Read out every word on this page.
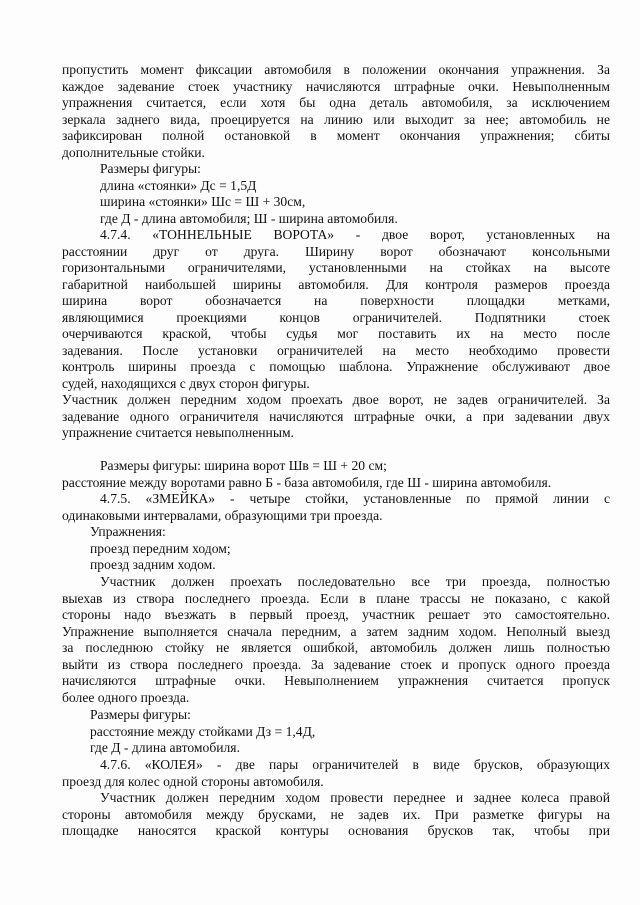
пропустить момент фиксации автомобиля в положении окончания упражнения. За
каждое задевание стоек участнику начисляются штрафные очки. Невыполненным
упражнения считается, если хотя бы одна деталь автомобиля, за исключением
зеркала заднего вида, проецируется на линию или выходит за нее; автомобиль не
зафиксирован полной остановкой в момент окончания упражнения; сбиты
дополнительные стойки.
Размеры фигуры:
длина «стоянки» Дс = 1,5Д
ширина «стоянки» Шс = Ш + 30см,
где Д - длина автомобиля; Ш - ширина автомобиля.
4.7.4. «ТОННЕЛЬНЫЕ ВОРОТА» - двое ворот, установленных на
расстоянии друг от друга. Ширину ворот обозначают консольными
горизонтальными ограничителями, установленными на стойках на высоте
габаритной наибольшей ширины автомобиля. Для контроля размеров проезда
ширина ворот обозначается на поверхности площадки метками,
являющимися проекциями концов ограничителей. Подпятники стоек
очерчиваются краской, чтобы судья мог поставить их на место после
задевания. После установки ограничителей на место необходимо провести
контроль ширины проезда с помощью шаблона. Упражнение обслуживают двое
судей, находящихся с двух сторон фигуры.
Участник должен передним ходом проехать двое ворот, не задев ограничителей. За
задевание одного ограничителя начисляются штрафные очки, а при задевании двух
упражнение считается невыполненным.
Размеры фигуры: ширина ворот Шв = Ш + 20 см;
расстояние между воротами равно Б - база автомобиля, где Ш - ширина автомобиля.
4.7.5. «ЗМЕЙКА» - четыре стойки, установленные по прямой линии с
одинаковыми интервалами, образующими три проезда.
Упражнения:
проезд передним ходом;
проезд задним ходом.
Участник должен проехать последовательно все три проезда, полностью
выехав из створа последнего проезда. Если в плане трассы не показано, с какой
стороны надо въезжать в первый проезд, участник решает это самостоятельно.
Упражнение выполняется сначала передним, а затем задним ходом. Неполный выезд
за последнюю стойку не является ошибкой, автомобиль должен лишь полностью
выйти из створа последнего проезда. За задевание стоек и пропуск одного проезда
начисляются штрафные очки. Невыполнением упражнения считается пропуск
более одного проезда.
Размеры фигуры:
расстояние между стойками Дз = 1,4Д,
где Д - длина автомобиля.
4.7.6. «КОЛЕЯ» - две пары ограничителей в виде брусков, образующих
проезд для колес одной стороны автомобиля.
Участник должен передним ходом провести переднее и заднее колеса правой
стороны автомобиля между брусками, не задев их. При разметке фигуры на
площадке наносятся краской контуры основания брусков так, чтобы при
